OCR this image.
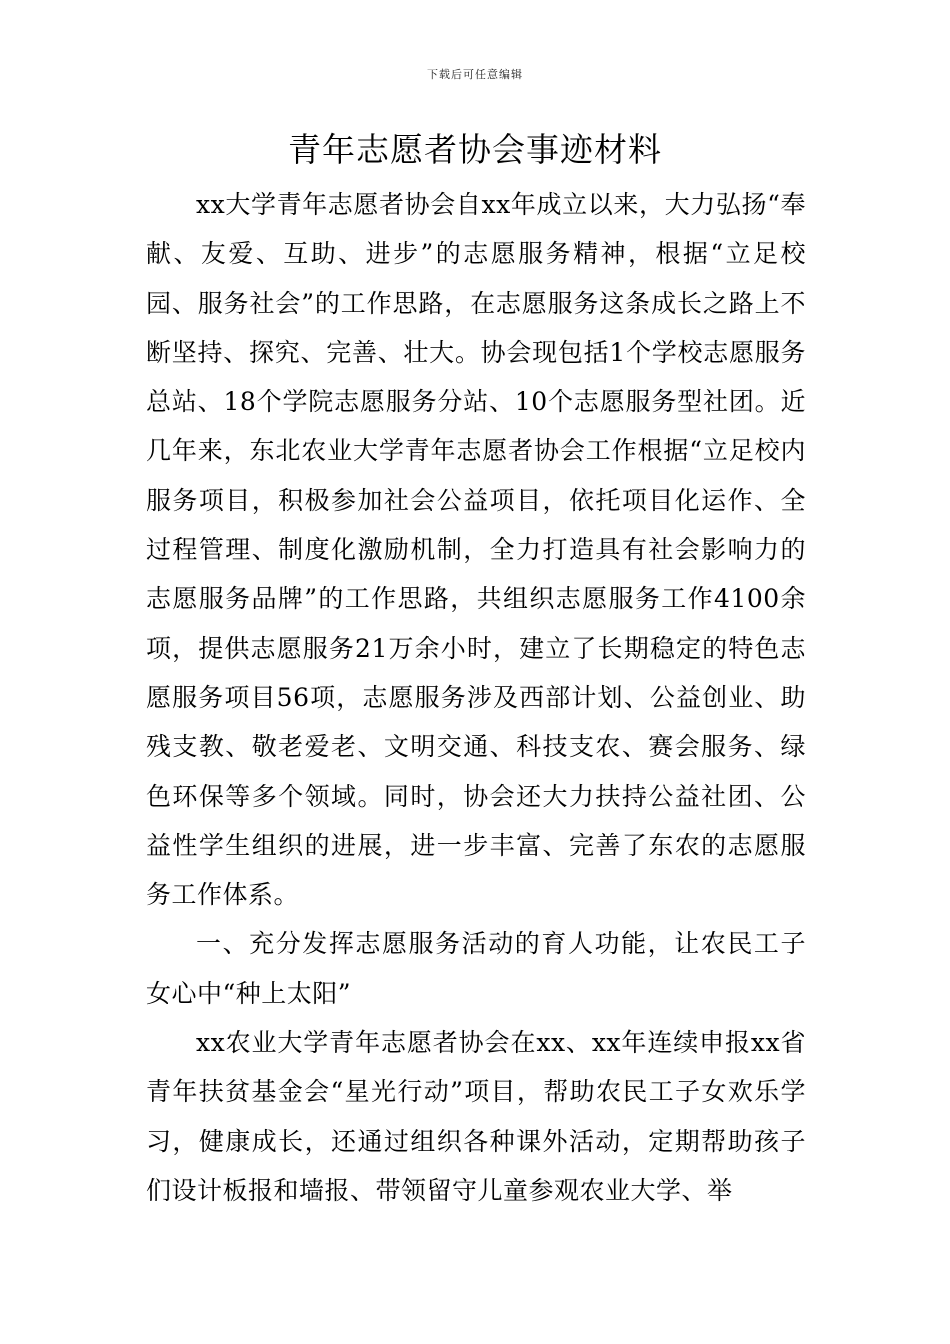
下载后可任意编辑
青年志愿者协会事迹材料

xx大学青年志愿者协会自xx年成立以来，大力弘扬“奉献、友爱、互助、进步”的志愿服务精神，根据“立足校园、服务社会”的工作思路，在志愿服务这条成长之路上不断坚持、探究、完善、壮大。协会现包括1个学校志愿服务总站、18个学院志愿服务分站、10个志愿服务型社团。近几年来，东北农业大学青年志愿者协会工作根据“立足校内服务项目，积极参加社会公益项目，依托项目化运作、全过程管理、制度化激励机制，全力打造具有社会影响力的志愿服务品牌”的工作思路，共组织志愿服务工作4100余项，提供志愿服务21万余小时，建立了长期稳定的特色志愿服务项目56项，志愿服务涉及西部计划、公益创业、助残支教、敬老爱老、文明交通、科技支农、赛会服务、绿色环保等多个领域。同时，协会还大力扶持公益社团、公益性学生组织的进展，进一步丰富、完善了东农的志愿服务工作体系。

一、充分发挥志愿服务活动的育人功能，让农民工子女心中“种上太阳”

xx农业大学青年志愿者协会在xx、xx年连续申报xx省青年扶贫基金会“星光行动”项目，帮助农民工子女欢乐学习，健康成长，还通过组织各种课外活动，定期帮助孩子们设计板报和墙报、带领留守儿童参观农业大学、举
